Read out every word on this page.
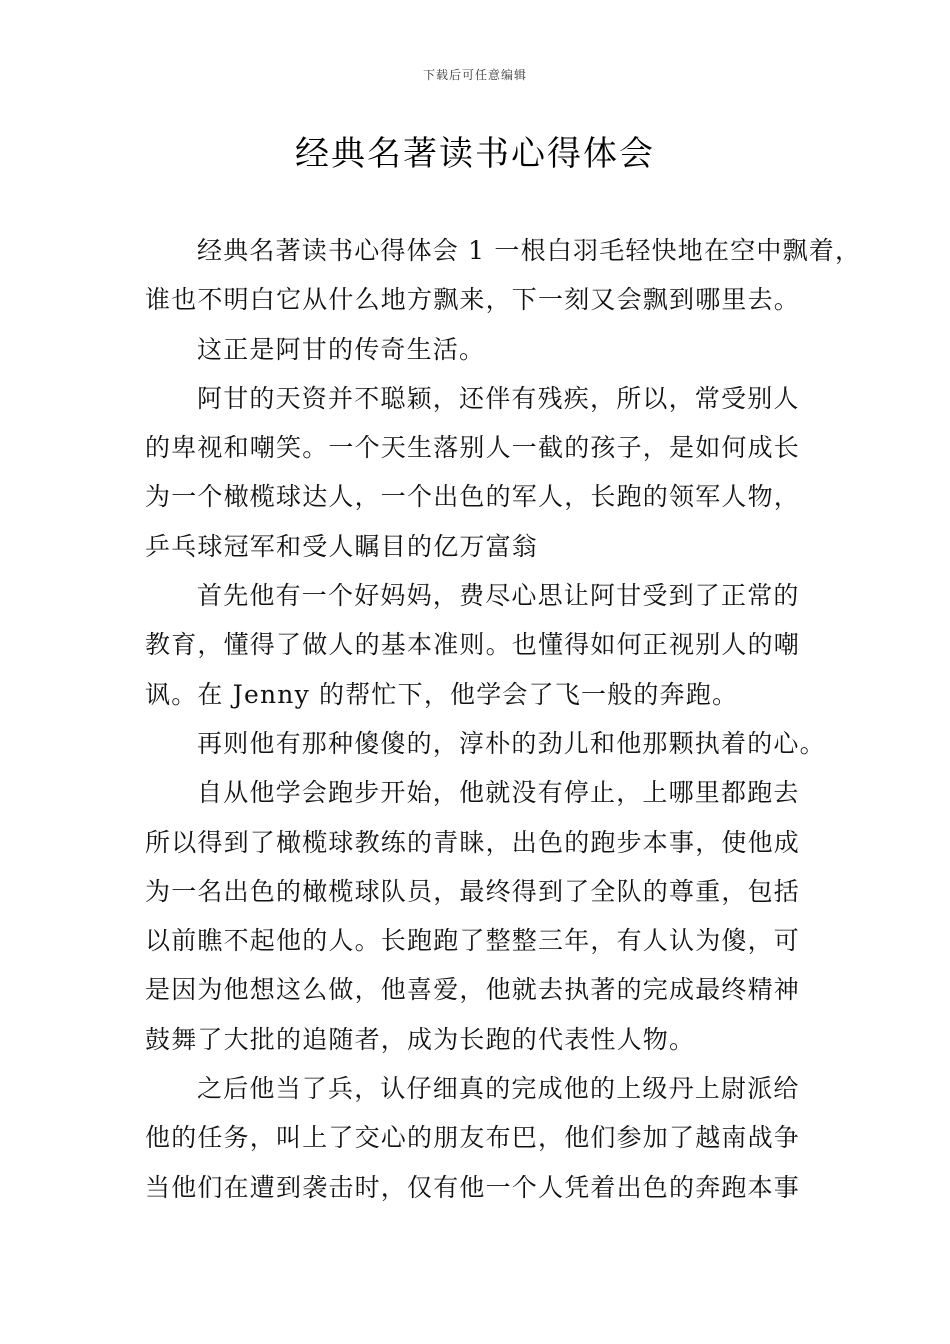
下载后可任意编辑
经典名著读书心得体会
经典名著读书心得体会 1 一根白羽毛轻快地在空中飘着，
谁也不明白它从什么地方飘来，下一刻又会飘到哪里去。
这正是阿甘的传奇生活。
阿甘的天资并不聪颖，还伴有残疾，所以，常受别人
的卑视和嘲笑。一个天生落别人一截的孩子，是如何成长
为一个橄榄球达人，一个出色的军人，长跑的领军人物，
乒乓球冠军和受人瞩目的亿万富翁
首先他有一个好妈妈，费尽心思让阿甘受到了正常的
教育，懂得了做人的基本准则。也懂得如何正视别人的嘲
讽。在 Jenny 的帮忙下，他学会了飞一般的奔跑。
再则他有那种傻傻的，淳朴的劲儿和他那颗执着的心。
自从他学会跑步开始，他就没有停止，上哪里都跑去
所以得到了橄榄球教练的青睐，出色的跑步本事，使他成
为一名出色的橄榄球队员，最终得到了全队的尊重，包括
以前瞧不起他的人。长跑跑了整整三年，有人认为傻，可
是因为他想这么做，他喜爱，他就去执著的完成最终精神
鼓舞了大批的追随者，成为长跑的代表性人物。
之后他当了兵，认仔细真的完成他的上级丹上尉派给
他的任务，叫上了交心的朋友布巴，他们参加了越南战争
当他们在遭到袭击时，仅有他一个人凭着出色的奔跑本事
